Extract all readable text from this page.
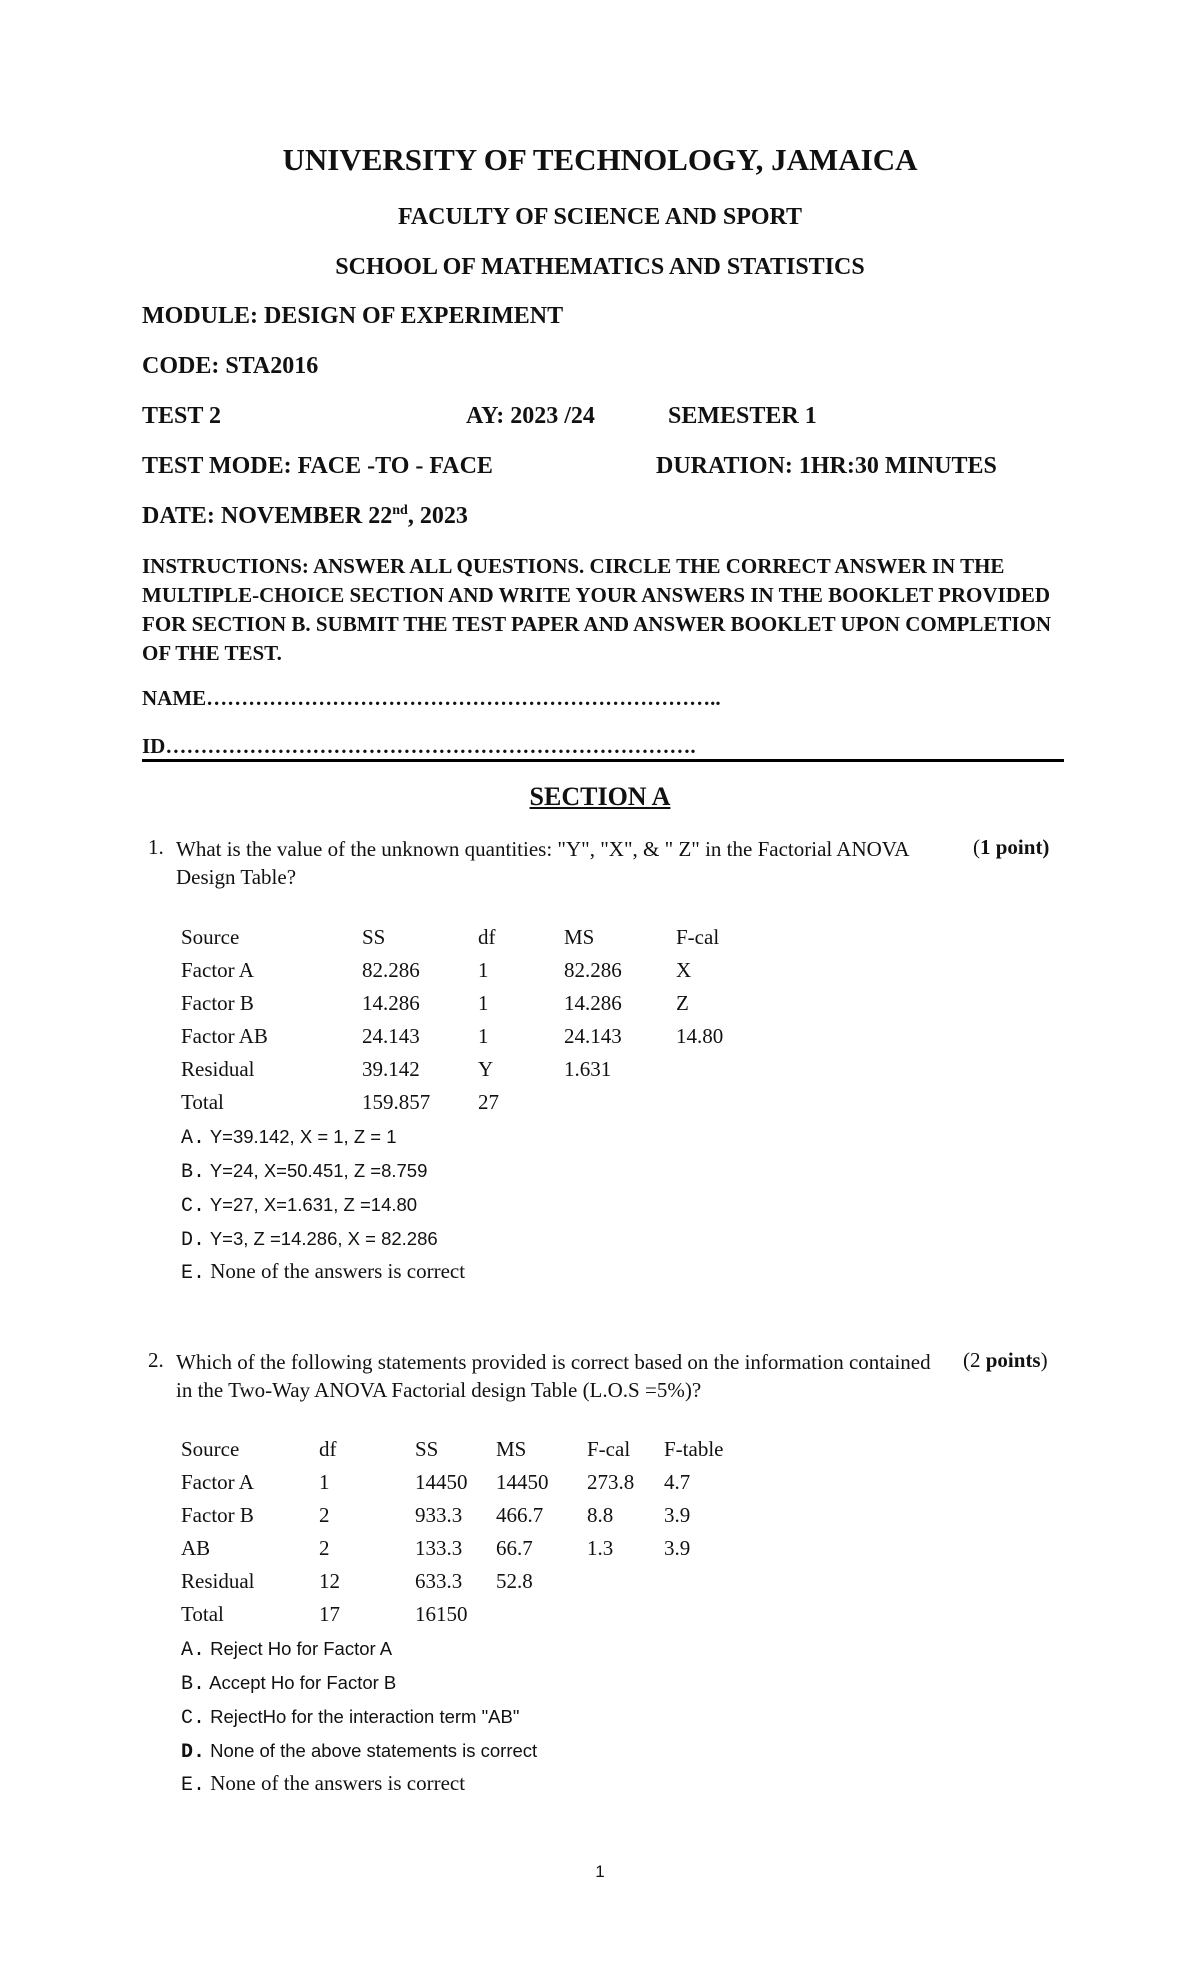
UNIVERSITY OF TECHNOLOGY, JAMAICA
FACULTY OF SCIENCE AND SPORT
SCHOOL OF MATHEMATICS AND STATISTICS
MODULE: DESIGN OF EXPERIMENT
CODE: STA2016
TEST 2	AY: 2023 /24	SEMESTER 1
TEST MODE: FACE -TO - FACE	DURATION: 1HR:30 MINUTES
DATE: NOVEMBER 22nd, 2023
INSTRUCTIONS: ANSWER ALL QUESTIONS. CIRCLE THE CORRECT ANSWER IN THE MULTIPLE-CHOICE SECTION AND WRITE YOUR ANSWERS IN THE BOOKLET PROVIDED FOR SECTION B. SUBMIT THE TEST PAPER AND ANSWER BOOKLET UPON COMPLETION OF THE TEST.
NAME………………………………………………………………..
ID………………………………………………………………….
SECTION A
1. What is the value of the unknown quantities: "Y", "X", & " Z" in the Factorial ANOVA Design Table?
(1 point)
Source	SS	df	MS	F-cal
Factor A	82.286	1	82.286	X
Factor B	14.286	1	14.286	Z
Factor AB	24.143	1	24.143	14.80
Residual	39.142	Y	1.631
Total	159.857 27
A. Y=39.142, X = 1, Z = 1
B. Y=24, X=50.451, Z =8.759
C. Y=27, X=1.631, Z =14.80
D. Y=3, Z =14.286, X = 82.286
E. None of the answers is correct
2. Which of the following statements provided is correct based on the information contained in the Two-Way ANOVA Factorial design Table (L.O.S =5%)?
(2 points)
Source	df	SS	MS	F-cal F-table
Factor A	1	14450 14450 273.8 4.7
Factor B	2	933.3 466.7 8.8 3.9
AB	2	133.3 66.7	1.3 3.9
Residual	12	633.3 52.8
Total	17	16150
A. Reject Ho for Factor A
B. Accept Ho for Factor B
C. RejectHo for the interaction term "AB"
D. None of the above statements is correct
E. None of the answers is correct
1
